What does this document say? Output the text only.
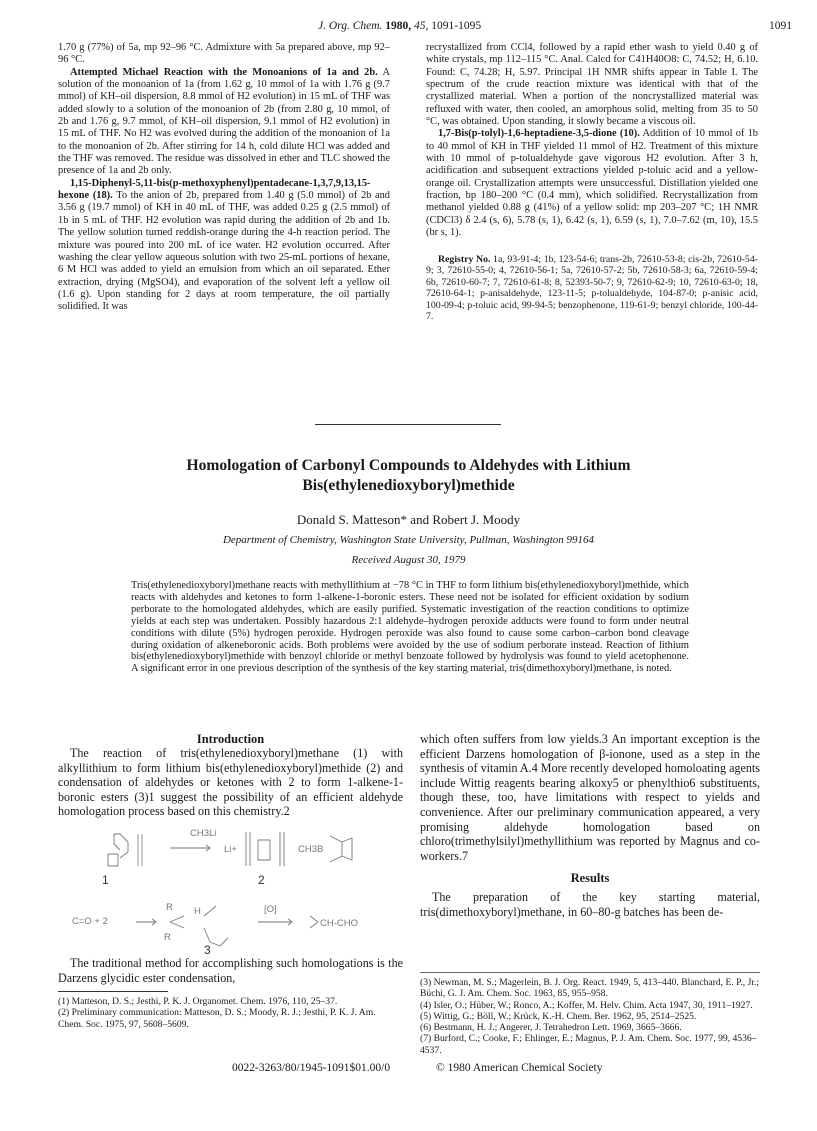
J. Org. Chem. 1980, 45, 1091-1095	1091

1.70 g (77%) of 5a, mp 92–96 °C. Admixture with 5a prepared above, mp 92–96 °C.

Attempted Michael Reaction with the Monoanions of 1a and 2b. A solution of the monoanion of 1a (from 1.62 g, 10 mmol of 1a with 1.76 g (9.7 mmol) of KH–oil dispersion, 8.8 mmol of H2 evolution) in 15 mL of THF was added slowly to a solution of the monoanion of 2b (from 2.80 g, 10 mmol, of 2b and 1.76 g, 9.7 mmol, of KH–oil dispersion, 9.1 mmol of H2 evolution) in 15 mL of THF. No H2 was evolved during the addition of the monoanion of 1a to the monoanion of 2b. After stirring for 14 h, cold dilute HCl was added and the THF was removed. The residue was dissolved in ether and TLC showed the presence of 1a and 2b only.

1,15-Diphenyl-5,11-bis(p-methoxyphenyl)pentadecane-1,3,7,9,13,15-hexone (18). To the anion of 2b, prepared from 1.40 g (5.0 mmol) of 2b and 3.56 g (19.7 mmol) of KH in 40 mL of THF, was added 0.25 g (2.5 mmol) of 1b in 5 mL of THF. H2 evolution was rapid during the addition of 2b and 1b. The yellow solution turned reddish-orange during the 4-h reaction period. The mixture was poured into 200 mL of ice water. H2 evolution occurred. After washing the clear yellow aqueous solution with two 25-mL portions of hexane, 6 M HCl was added to yield an emulsion from which an oil separated. Ether extraction, drying (MgSO4), and evaporation of the solvent left a yellow oil (1.6 g). Upon standing for 2 days at room temperature, the oil partially solidified. It was

recrystallized from CCl4, followed by a rapid ether wash to yield 0.40 g of white crystals, mp 112–115 °C. Anal. Calcd for C41H40O8: C, 74.52; H, 6.10. Found: C, 74.28; H, 5.97. Principal 1H NMR shifts appear in Table I. The spectrum of the crude reaction mixture was identical with that of the crystallized material. When a portion of the noncrystallized material was refluxed with water, then cooled, an amorphous solid, melting from 35 to 50 °C, was obtained. Upon standing, it slowly became a viscous oil.

1,7-Bis(p-tolyl)-1,6-heptadiene-3,5-dione (10). Addition of 10 mmol of 1b to 40 mmol of KH in THF yielded 11 mmol of H2. Treatment of this mixture with 10 mmol of p-tolualdehyde gave vigorous H2 evolution. After 3 h, acidification and subsequent extractions yielded p-toluic acid and a yellow-orange oil. Crystallization attempts were unsuccessful. Distillation yielded one fraction, bp 180–200 °C (0.4 mm), which solidified. Recrystallization from methanol yielded 0.88 g (41%) of a yellow solid: mp 203–207 °C; 1H NMR (CDCl3) δ 2.4 (s, 6), 5.78 (s, 1), 6.42 (s, 1), 6.59 (s, 1), 7.0–7.62 (m, 10), 15.5 (br s, 1).

Registry No. 1a, 93-91-4; 1b, 123-54-6; trans-2b, 72610-53-8; cis-2b, 72610-54-9; 3, 72610-55-0; 4, 72610-56-1; 5a, 72610-57-2; 5b, 72610-58-3; 6a, 72610-59-4; 6b, 72610-60-7; 7, 72610-61-8; 8, 52393-50-7; 9, 72610-62-9; 10, 72610-63-0; 18, 72610-64-1; p-anisaldehyde, 123-11-5; p-tolualdehyde, 104-87-0; p-anisic acid, 100-09-4; p-toluic acid, 99-94-5; benzophenone, 119-61-9; benzyl chloride, 100-44-7.

Homologation of Carbonyl Compounds to Aldehydes with Lithium
Bis(ethylenedioxyboryl)methide
Donald S. Matteson* and Robert J. Moody
Department of Chemistry, Washington State University, Pullman, Washington 99164
Received August 30, 1979
Tris(ethylenedioxyboryl)methane reacts with methyllithium at −78 °C in THF to form lithium bis(ethylenedioxyboryl)methide, which reacts with aldehydes and ketones to form 1-alkene-1-boronic esters. These need not be isolated for efficient oxidation by sodium perborate to the homologated aldehydes, which are easily purified. Systematic investigation of the reaction conditions to optimize yields at each step was undertaken. Possibly hazardous 2:1 aldehyde–hydrogen peroxide adducts were found to form under neutral conditions with dilute (5%) hydrogen peroxide. Hydrogen peroxide was also found to cause some carbon–carbon bond cleavage during oxidation of alkeneboronic acids. Both problems were avoided by the use of sodium perborate instead. Reaction of lithium bis(ethylenedioxyboryl)methide with benzoyl chloride or methyl benzoate followed by hydrolysis was found to yield acetophenone. A significant error in one previous description of the synthesis of the key starting material, tris(dimethoxyboryl)methane, is noted.
Introduction

The reaction of tris(ethylenedioxyboryl)methane (1) with alkyllithium to form lithium bis(ethylenedioxyboryl)methide (2) and condensation of aldehydes or ketones with 2 to form 1-alkene-1-boronic esters (3)1 suggest the possibility of an efficient aldehyde homologation process based on this chemistry.2

CH3Li
Li+	CH3B
C=O + 2
H
R
R
[O]
CH-CHO
1	2
3

The traditional method for accomplishing such homologations is the Darzens glycidic ester condensation,

(1) Matteson, D. S.; Jesthi, P. K. J. Organomet. Chem. 1976, 110, 25–37.
(2) Preliminary communication: Matteson, D. S.; Moody, R. J.; Jesthi, P. K. J. Am. Chem. Soc. 1975, 97, 5608–5609.

which often suffers from low yields.3 An important exception is the efficient Darzens homologation of β-ionone, used as a step in the synthesis of vitamin A.4 More recently developed homoloating agents include Wittig reagents bearing alkoxy5 or phenylthio6 substituents, though these, too, have limitations with respect to yields and convenience. After our preliminary communication appeared, a very promising aldehyde homologation based on chloro(trimethylsilyl)methyllithium was reported by Magnus and co-workers.7

Results

The preparation of the key starting material, tris(dimethoxyboryl)methane, in 60–80-g batches has been de-

(3) Newman, M. S.; Magerlein, B. J. Org. React. 1949, 5, 413–440. Blanchard, E. P., Jr.; Büchi, G. J. Am. Chem. Soc. 1963, 85, 955–958.
(4) Isler, O.; Hüber, W.; Ronco, A.; Koffer, M. Helv. Chim. Acta 1947, 30, 1911–1927.
(5) Wittig, G.; Böll, W.; Krück, K.-H. Chem. Ber. 1962, 95, 2514–2525.
(6) Bestmann, H. J.; Angerer, J. Tetrahedron Lett. 1969, 3665–3666.
(7) Burford, C.; Cooke, F.; Ehlinger, E.; Magnus, P. J. Am. Chem. Soc. 1977, 99, 4536–4537.
0022-3263/80/1945-1091$01.00/0	© 1980 American Chemical Society
